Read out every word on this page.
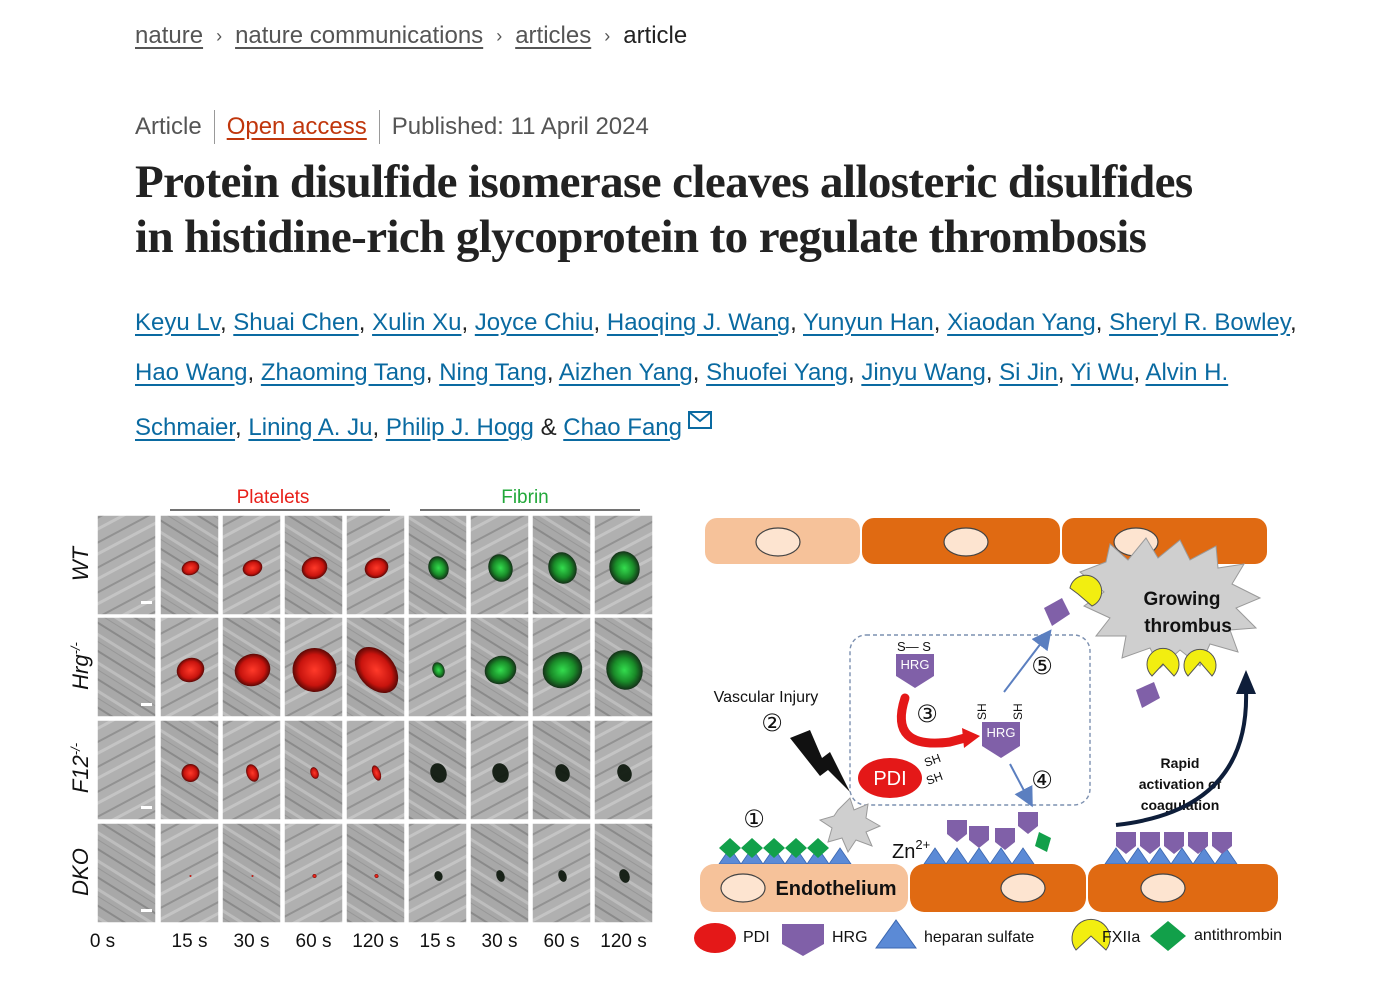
nature › nature communications › articles › article
Article Open access Published: 11 April 2024
Protein disulfide isomerase cleaves allosteric disulfides
in histidine-rich glycoprotein to regulate thrombosis
Keyu Lv, Shuai Chen, Xulin Xu, Joyce Chiu, Haoqing J. Wang, Yunyun Han, Xiaodan Yang, Sheryl R. Bowley, Hao Wang, Zhaoming Tang, Ning Tang, Aizhen Yang, Shuofei Yang, Jinyu Wang, Si Jin, Yi Wu, Alvin H. Schmaier, Lining A. Ju, Philip J. Hogg & Chao Fang
Platelets	Fibrin
WT
Hrg-/-
F12-/-
DKO
0 s	15 s 30 s 60 s 120 s 15 s 30 s 60 s 120 s
Growing
thrombus
S— S
HRG
PDI
SH
SH
SH SH
HRG
①
②	③
④
⑤
Vascular Injury
Rapid
activation of
coagulation
$Zn^{2+}$
Endothelium
PDI	HRG	heparan sulfate	FXIIa	antithrombin
